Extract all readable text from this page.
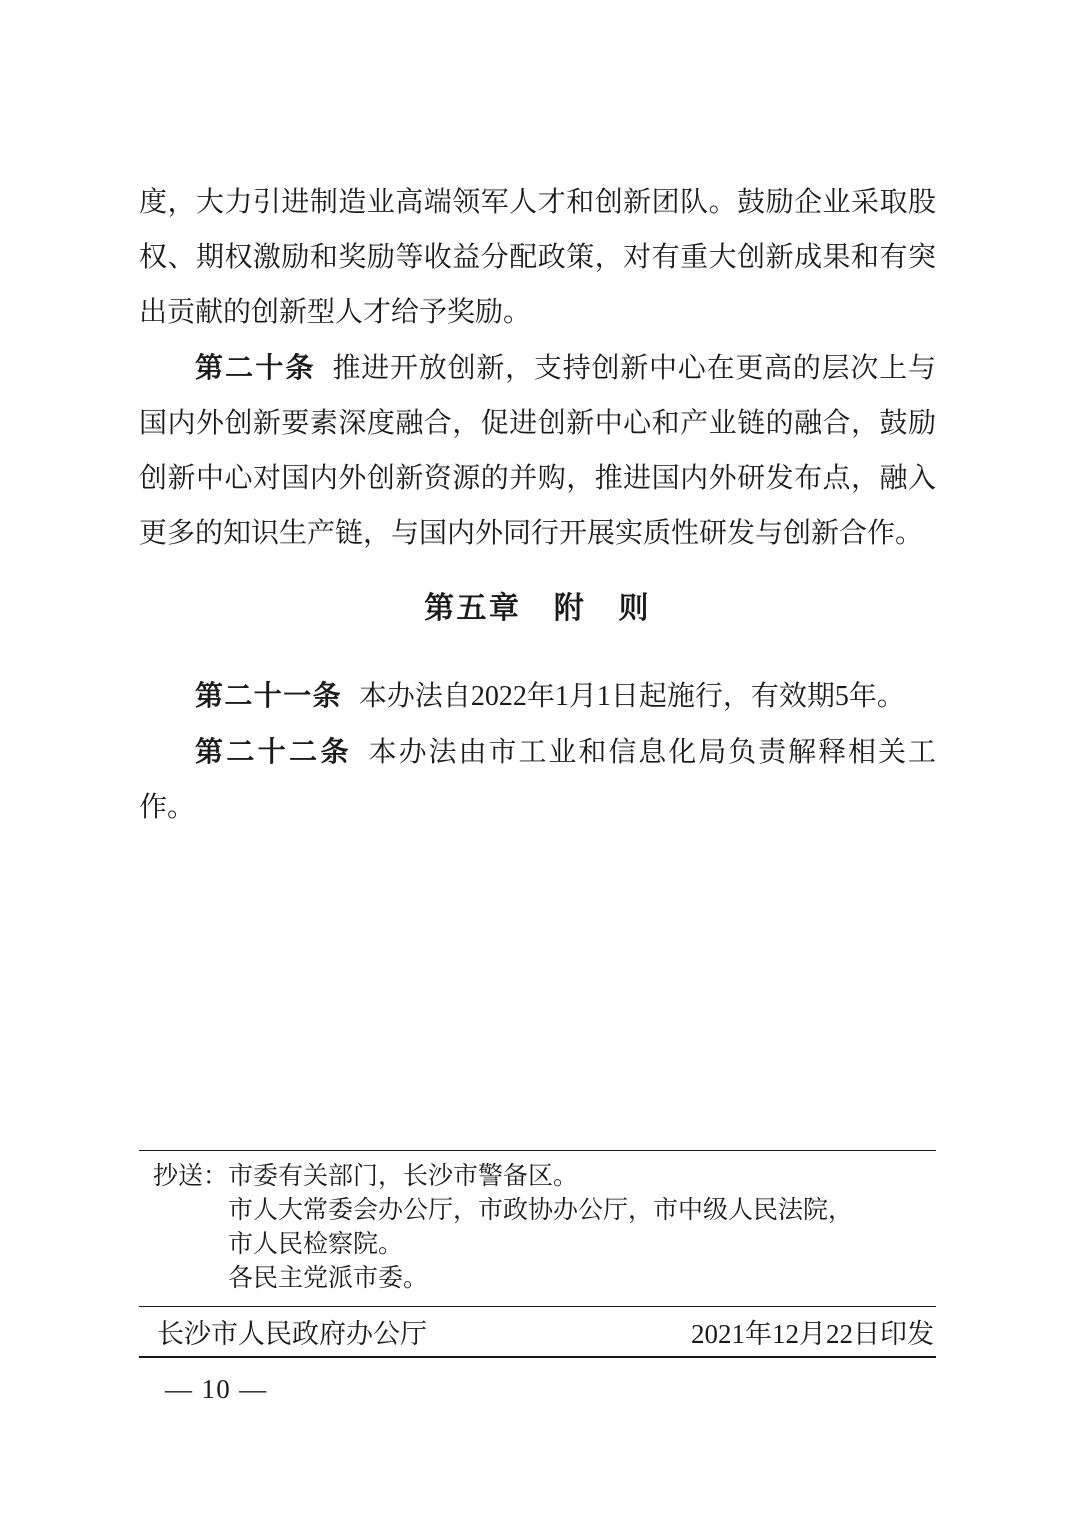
度，大力引进制造业高端领军人才和创新团队。鼓励企业采取股权、期权激励和奖励等收益分配政策，对有重大创新成果和有突出贡献的创新型人才给予奖励。

第二十条 推进开放创新，支持创新中心在更高的层次上与国内外创新要素深度融合，促进创新中心和产业链的融合，鼓励创新中心对国内外创新资源的并购，推进国内外研发布点，融入更多的知识生产链，与国内外同行开展实质性研发与创新合作。

第五章　附　则

第二十一条 本办法自2022年1月1日起施行，有效期5年。

第二十二条 本办法由市工业和信息化局负责解释相关工作。

抄送： 市委有关部门，长沙市警备区。
市人大常委会办公厅，市政协办公厅，市中级人民法院，
市人民检察院。
各民主党派市委。
长沙市人民政府办公厅	2021年12月22日印发
— 10 —
